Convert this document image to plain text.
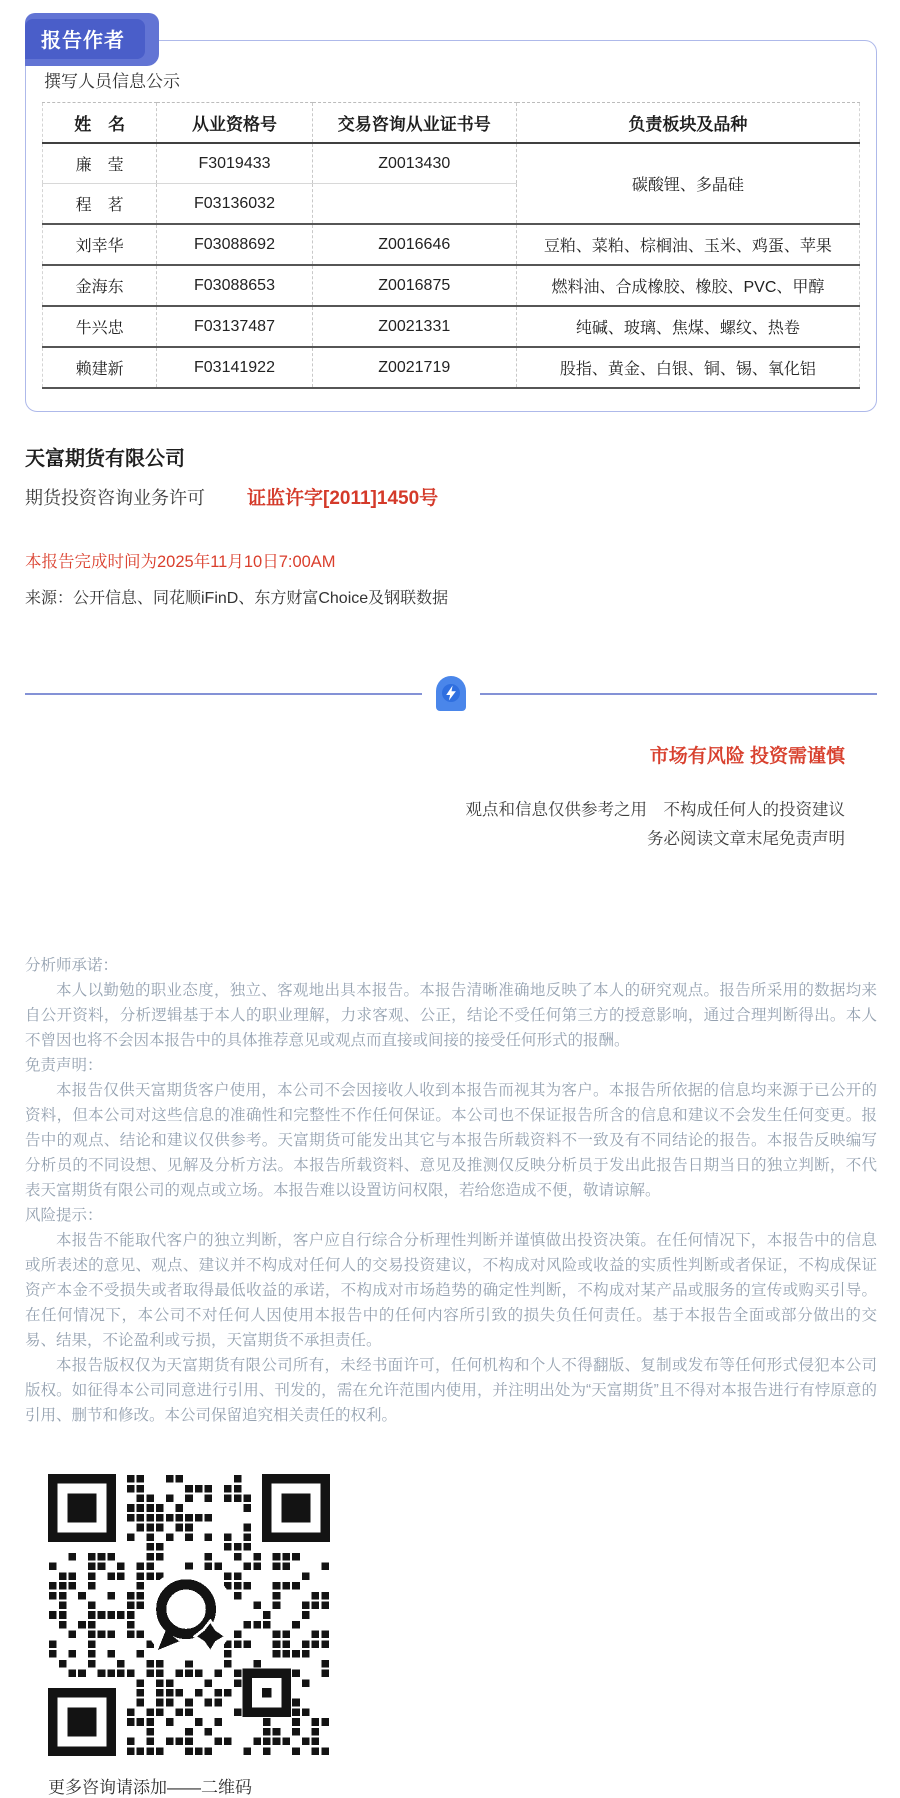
报告作者
撰写人员信息公示
姓　名	从业资格号	交易咨询从业证书号	负责板块及品种
廉　莹	F3019433	Z0013430	碳酸锂、多晶硅
程　茗	F03136032		
刘幸华	F03088692	Z0016646	豆粕、菜粕、棕榈油、玉米、鸡蛋、苹果
金海东	F03088653	Z0016875	燃料油、合成橡胶、橡胶、PVC、甲醇
牛兴忠	F03137487	Z0021331	纯碱、玻璃、焦煤、螺纹、热卷
赖建新	F03141922	Z0021719	股指、黄金、白银、铜、锡、氧化铝
天富期货有限公司
期货投资咨询业务许可 证监许字[2011]1450号
本报告完成时间为2025年11月10日7:00AM
来源：公开信息、同花顺iFinD、东方财富Choice及钢联数据
市场有风险 投资需谨慎
观点和信息仅供参考之用　不构成任何人的投资建议
务必阅读文章末尾免责声明

分析师承诺：

本人以勤勉的职业态度，独立、客观地出具本报告。本报告清晰准确地反映了本人的研究观点。报告所采用的数据均来自公开资料，分析逻辑基于本人的职业理解，力求客观、公正，结论不受任何第三方的授意影响，通过合理判断得出。本人不曾因也将不会因本报告中的具体推荐意见或观点而直接或间接的接受任何形式的报酬。

免责声明：

本报告仅供天富期货客户使用，本公司不会因接收人收到本报告而视其为客户。本报告所依据的信息均来源于已公开的资料，但本公司对这些信息的准确性和完整性不作任何保证。本公司也不保证报告所含的信息和建议不会发生任何变更。报告中的观点、结论和建议仅供参考。天富期货可能发出其它与本报告所载资料不一致及有不同结论的报告。本报告反映编写分析员的不同设想、见解及分析方法。本报告所载资料、意见及推测仅反映分析员于发出此报告日期当日的独立判断，不代表天富期货有限公司的观点或立场。本报告难以设置访问权限，若给您造成不便，敬请谅解。

风险提示：

本报告不能取代客户的独立判断，客户应自行综合分析理性判断并谨慎做出投资决策。在任何情况下，本报告中的信息或所表述的意见、观点、建议并不构成对任何人的交易投资建议，不构成对风险或收益的实质性判断或者保证，不构成保证资产本金不受损失或者取得最低收益的承诺，不构成对市场趋势的确定性判断，不构成对某产品或服务的宣传或购买引导。在任何情况下，本公司不对任何人因使用本报告中的任何内容所引致的损失负任何责任。基于本报告全面或部分做出的交易、结果，不论盈利或亏损，天富期货不承担责任。

本报告版权仅为天富期货有限公司所有，未经书面许可，任何机构和个人不得翻版、复制或发布等任何形式侵犯本公司版权。如征得本公司同意进行引用、刊发的，需在允许范围内使用，并注明出处为“天富期货”且不得对本报告进行有悖原意的引用、删节和修改。本公司保留追究相关责任的权利。

更多咨询请添加——二维码
